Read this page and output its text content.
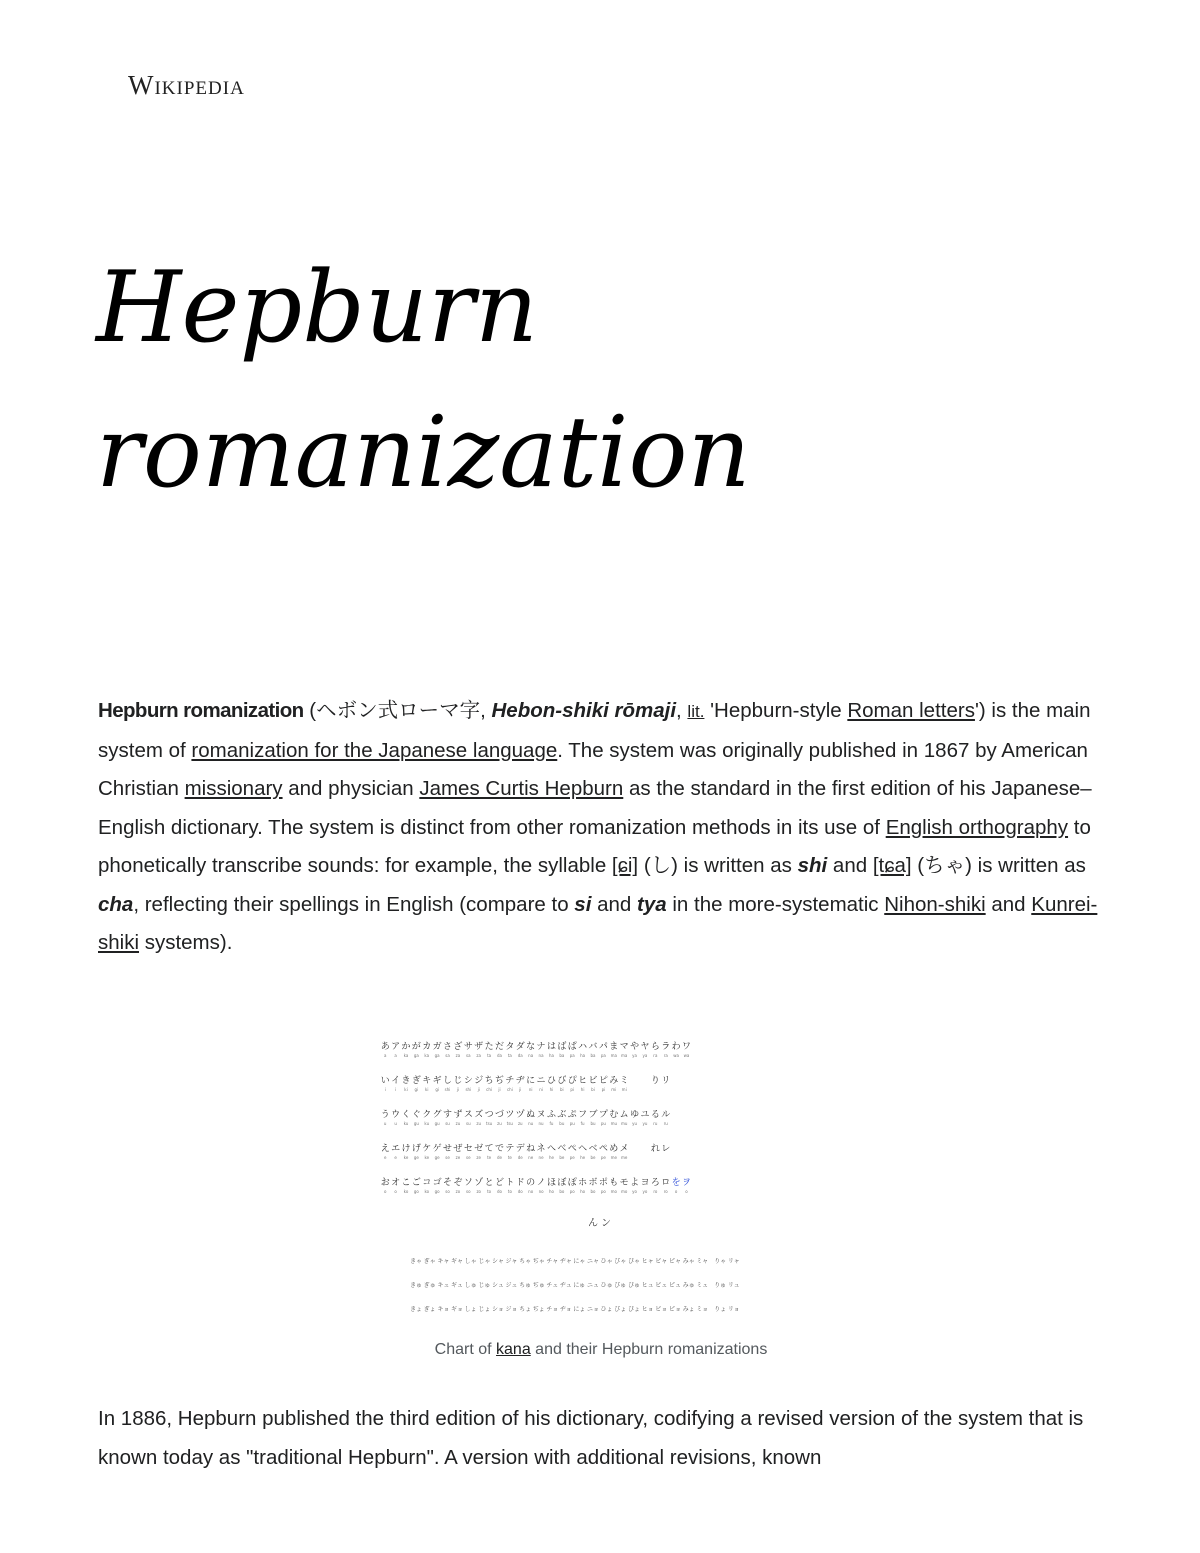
Wikipedia
Hepburn romanization

Hepburn romanization (ヘボン式ローマ字, Hebon-shiki rōmaji, lit. 'Hepburn-style Roman letters') is the main system of romanization for the Japanese language. The system was originally published in 1867 by American Christian missionary and physician James Curtis Hepburn as the standard in the first edition of his Japanese–English dictionary. The system is distinct from other romanization methods in its use of English orthography to phonetically transcribe sounds: for example, the syllable [ɕi] (し) is written as shi and [tɕa] (ちゃ) is written as cha, reflecting their spellings in English (compare to si and tya in the more-systematic Nihon-shiki and Kunrei-shiki systems).

あ
a
ア
a
か
ka
が
ga
カ
ka
ガ
ga
さ
sa
ざ
za
サ
sa
ザ
za
た
ta
だ
da
タ
ta
ダ
da
な
na
ナ
na
は
ha
ば
ba
ぱ
pa
ハ
ha
バ
ba
パ
pa
ま
ma
マ
ma
や
ya
ヤ
ya
ら
ra
ラ
ra
わ
wa
ワ
wa
い
i
イ
i
き
ki
ぎ
gi
キ
ki
ギ
gi
し
shi
じ
ji
シ
shi
ジ
ji
ち
chi
ぢ
ji
チ
chi
ヂ
ji
に
ni
ニ
ni
ひ
hi
び
bi
ぴ
pi
ヒ
hi
ビ
bi
ピ
pi
み
mi
ミ
mi

り リ

う
u
ウ
u
く
ku
ぐ
gu
ク
ku
グ
gu
す
su
ず
zu
ス
su
ズ
zu
つ
tsu
づ
zu
ツ
tsu
ヅ
zu
ぬ
nu
ヌ
nu
ふ
fu
ぶ
bu
ぷ
pu
フ
fu
ブ
bu
プ
pu
む
mu
ム
mu
ゆ
yu
ユ
yu
る
ru
ル
ru

え
e
エ
e
け
ke
げ
ge
ケ
ke
ゲ
ge
せ
se
ぜ
ze
セ
se
ゼ
ze
て
te
で
de
テ
te
デ
de
ね
ne
ネ
ne
へ
he
べ
be
ぺ
pe
ヘ
he
ベ
be
ペ
pe
め
me
メ
me

れ レ

お
o
オ
o
こ
ko
ご
go
コ
ko
ゴ
go
そ
so
ぞ
zo
ソ
so
ゾ
zo
と
to
ど
do
ト
to
ド
do
の
no
ノ
no
ほ
ho
ぼ
bo
ぽ
po
ホ
ho
ボ
bo
ポ
po
も
mo
モ
mo
よ
yo
ヨ
yo
ろ
ro
ロ
ro
を
o
ヲ
o
んン
きゃ ぎゃ キャ ギャ しゃ じゃ シャ ジャ ちゃ ぢゃ チャ ヂャ にゃ ニャ ひゃ びゃ ぴゃ ヒャ ビャ ピャ みゃ ミャ　りゃ リャ
きゅ ぎゅ キュ ギュ しゅ じゅ シュ ジュ ちゅ ぢゅ チュ ヂュ にゅ ニュ ひゅ びゅ ぴゅ ヒュ ビュ ピュ みゅ ミュ　りゅ リュ
きょ ぎょ キョ ギョ しょ じょ ショ ジョ ちょ ぢょ チョ ヂョ にょ ニョ ひょ びょ ぴょ ヒョ ビョ ピョ みょ ミョ　りょ リョ

Chart of kana and their Hepburn romanizations

In 1886, Hepburn published the third edition of his dictionary, codifying a revised version of the system that is known today as "traditional Hepburn". A version with additional revisions, known
